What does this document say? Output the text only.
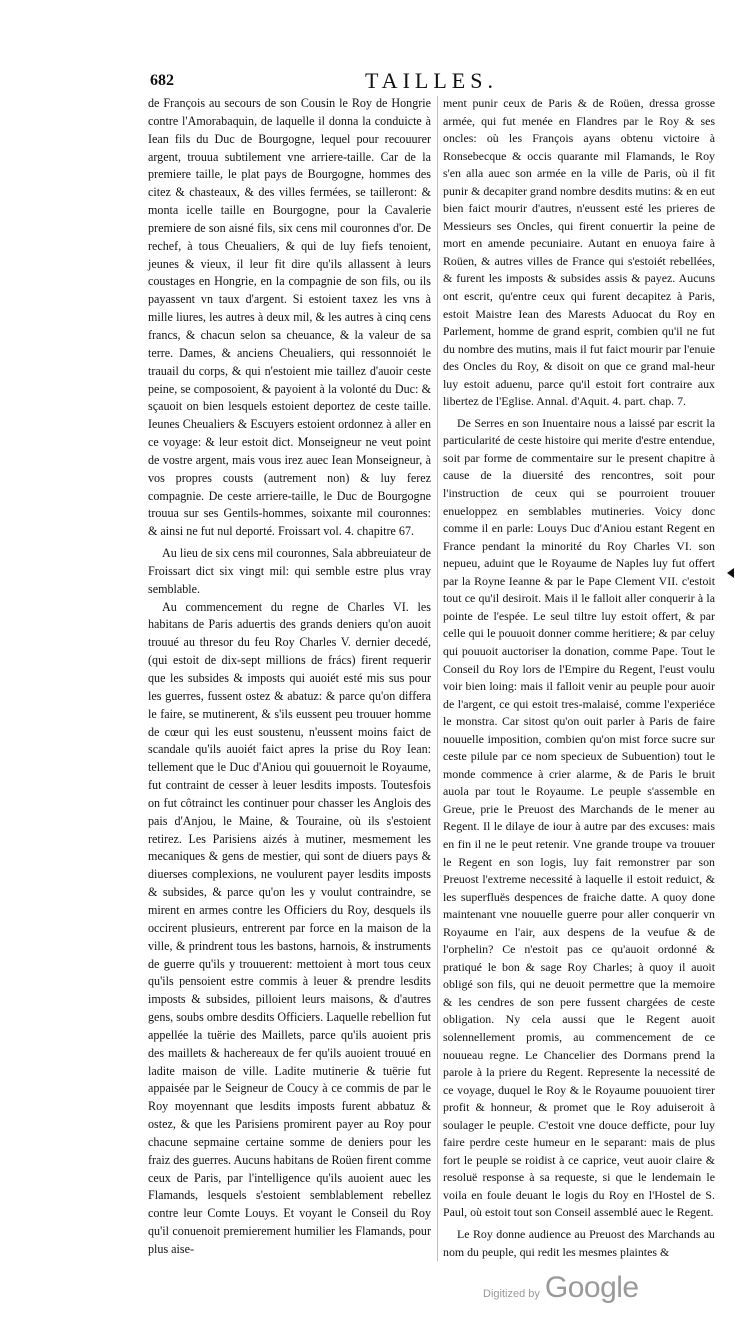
682	TAILLES.

de François au secours de son Cousin le Roy de Hongrie contre l'Amorabaquin, de laquelle il donna la conduicte à Iean fils du Duc de Bourgogne, lequel pour recouurer argent, trouua subtilement vne arriere-taille. Car de la premiere taille, le plat pays de Bourgogne, hommes des citez & chasteaux, & des villes fermées, se tailleront: & monta icelle taille en Bourgogne, pour la Cavalerie premiere de son aisné fils, six cens mil couronnes d'or. De rechef, à tous Cheualiers, & qui de luy fiefs tenoient, jeunes & vieux, il leur fit dire qu'ils allassent à leurs coustages en Hongrie, en la compagnie de son fils, ou ils payassent vn taux d'argent. Si estoient taxez les vns à mille liures, les autres à deux mil, & les autres à cinq cens francs, & chacun selon sa cheuance, & la valeur de sa terre. Dames, & anciens Cheualiers, qui ressonnoiét le trauail du corps, & qui n'estoient mie taillez d'auoir ceste peine, se composoient, & payoient à la volonté du Duc: & sçauoit on bien lesquels estoient deportez de ceste taille. Ieunes Cheualiers & Escuyers estoient ordonnez à aller en ce voyage: & leur estoit dict. Monseigneur ne veut point de vostre argent, mais vous irez auec Iean Monseigneur, à vos propres cousts (autrement non) & luy ferez compagnie. De ceste arriere-taille, le Duc de Bourgogne trouua sur ses Gentils-hommes, soixante mil couronnes: & ainsi ne fut nul deporté. Froissart vol. 4. chapitre 67.

Au lieu de six cens mil couronnes, Sala abbreuiateur de Froissart dict six vingt mil: qui semble estre plus vray semblable.

Au commencement du regne de Charles VI. les habitans de Paris aduertis des grands deniers qu'on auoit trouué au thresor du feu Roy Charles V. dernier decedé, (qui estoit de dix-sept millions de frács) firent requerir que les subsides & imposts qui auoiét esté mis sus pour les guerres, fussent ostez & abatuz: & parce qu'on differa le faire, se mutinerent, & s'ils eussent peu trouuer homme de cœur qui les eust soustenu, n'eussent moins faict de scandale qu'ils auoiét faict apres la prise du Roy Iean: tellement que le Duc d'Aniou qui gouuernoit le Royaume, fut contraint de cesser à leuer lesdits imposts. Toutesfois on fut côtrainct les continuer pour chasser les Anglois des pais d'Anjou, le Maine, & Touraine, où ils s'estoient retirez. Les Parisiens aizés à mutiner, mesmement les mecaniques & gens de mestier, qui sont de diuers pays & diuerses complexions, ne voulurent payer lesdits imposts & subsides, & parce qu'on les y voulut contraindre, se mirent en armes contre les Officiers du Roy, desquels ils occirent plusieurs, entrerent par force en la maison de la ville, & prindrent tous les bastons, harnois, & instruments de guerre qu'ils y trouuerent: mettoient à mort tous ceux qu'ils pensoient estre commis à leuer & prendre lesdits imposts & subsides, pilloient leurs maisons, & d'autres gens, soubs ombre desdits Officiers. Laquelle rebellion fut appellée la tuërie des Maillets, parce qu'ils auoient pris des maillets & hachereaux de fer qu'ils auoient trouué en ladite maison de ville. Ladite mutinerie & tuërie fut appaisée par le Seigneur de Coucy à ce commis de par le Roy moyennant que lesdits imposts furent abbatuz & ostez, & que les Parisiens promirent payer au Roy pour chacune sepmaine certaine somme de deniers pour les fraiz des guerres. Aucuns habitans de Roüen firent comme ceux de Paris, par l'intelligence qu'ils auoient auec les Flamands, lesquels s'estoient semblablement rebellez contre leur Comte Louys. Et voyant le Conseil du Roy qu'il conuenoit premierement humilier les Flamands, pour plus aise-

ment punir ceux de Paris & de Roüen, dressa grosse armée, qui fut menée en Flandres par le Roy & ses oncles: où les François ayans obtenu victoire à Ronsebecque & occis quarante mil Flamands, le Roy s'en alla auec son armée en la ville de Paris, où il fit punir & decapiter grand nombre desdits mutins: & en eut bien faict mourir d'autres, n'eussent esté les prieres de Messieurs ses Oncles, qui firent conuertir la peine de mort en amende pecuniaire. Autant en enuoya faire à Roüen, & autres villes de France qui s'estoiét rebellées, & furent les imposts & subsides assis & payez. Aucuns ont escrit, qu'entre ceux qui furent decapitez à Paris, estoit Maistre Iean des Marests Aduocat du Roy en Parlement, homme de grand esprit, combien qu'il ne fut du nombre des mutins, mais il fut faict mourir par l'enuie des Oncles du Roy, & disoit on que ce grand mal-heur luy estoit aduenu, parce qu'il estoit fort contraire aux libertez de l'Eglise. Annal. d'Aquit. 4. part. chap. 7.

De Serres en son Inuentaire nous a laissé par escrit la particularité de ceste histoire qui merite d'estre entendue, soit par forme de commentaire sur le present chapitre à cause de la diuersité des rencontres, soit pour l'instruction de ceux qui se pourroient trouuer enueloppez en semblables mutineries. Voicy donc comme il en parle: Louys Duc d'Aniou estant Regent en France pendant la minorité du Roy Charles VI. son nepueu, aduint que le Royaume de Naples luy fut offert par la Royne Ieanne & par le Pape Clement VII. c'estoit tout ce qu'il desiroit. Mais il le falloit aller conquerir à la pointe de l'espée. Le seul tiltre luy estoit offert, & par celle qui le pouuoit donner comme heritiere; & par celuy qui pouuoit auctoriser la donation, comme Pape. Tout le Conseil du Roy lors de l'Empire du Regent, l'eust voulu voir bien loing: mais il falloit venir au peuple pour auoir de l'argent, ce qui estoit tres-malaisé, comme l'experiéce le monstra. Car sitost qu'on ouit parler à Paris de faire nouuelle imposition, combien qu'on mist force sucre sur ceste pilule par ce nom specieux de Subuention) tout le monde commence à crier alarme, & de Paris le bruit auola par tout le Royaume. Le peuple s'assemble en Greue, prie le Preuost des Marchands de le mener au Regent. Il le dilaye de iour à autre par des excuses: mais en fin il ne le peut retenir. Vne grande troupe va trouuer le Regent en son logis, luy fait remonstrer par son Preuost l'extreme necessité à laquelle il estoit reduict, & les superfluës despences de fraiche datte. A quoy done maintenant vne nouuelle guerre pour aller conquerir vn Royaume en l'air, aux despens de la veufue & de l'orphelin? Ce n'estoit pas ce qu'auoit ordonné & pratiqué le bon & sage Roy Charles; à quoy il auoit obligé son fils, qui ne deuoit permettre que la memoire & les cendres de son pere fussent chargées de ceste obligation. Ny cela aussi que le Regent auoit solennellement promis, au commencement de ce nouueau regne. Le Chancelier des Dormans prend la parole à la priere du Regent. Represente la necessité de ce voyage, duquel le Roy & le Royaume pouuoient tirer profit & honneur, & promet que le Roy aduiseroit à soulager le peuple. C'estoit vne douce defficte, pour luy faire perdre ceste humeur en le separant: mais de plus fort le peuple se roidist à ce caprice, veut auoir claire & resoluë response à sa requeste, si que le lendemain le voila en foule deuant le logis du Roy en l'Hostel de S. Paul, où estoit tout son Conseil assemblé auec le Regent.

Le Roy donne audience au Preuost des Marchands au nom du peuple, qui redit les mesmes plaintes &

Digitized by Google
